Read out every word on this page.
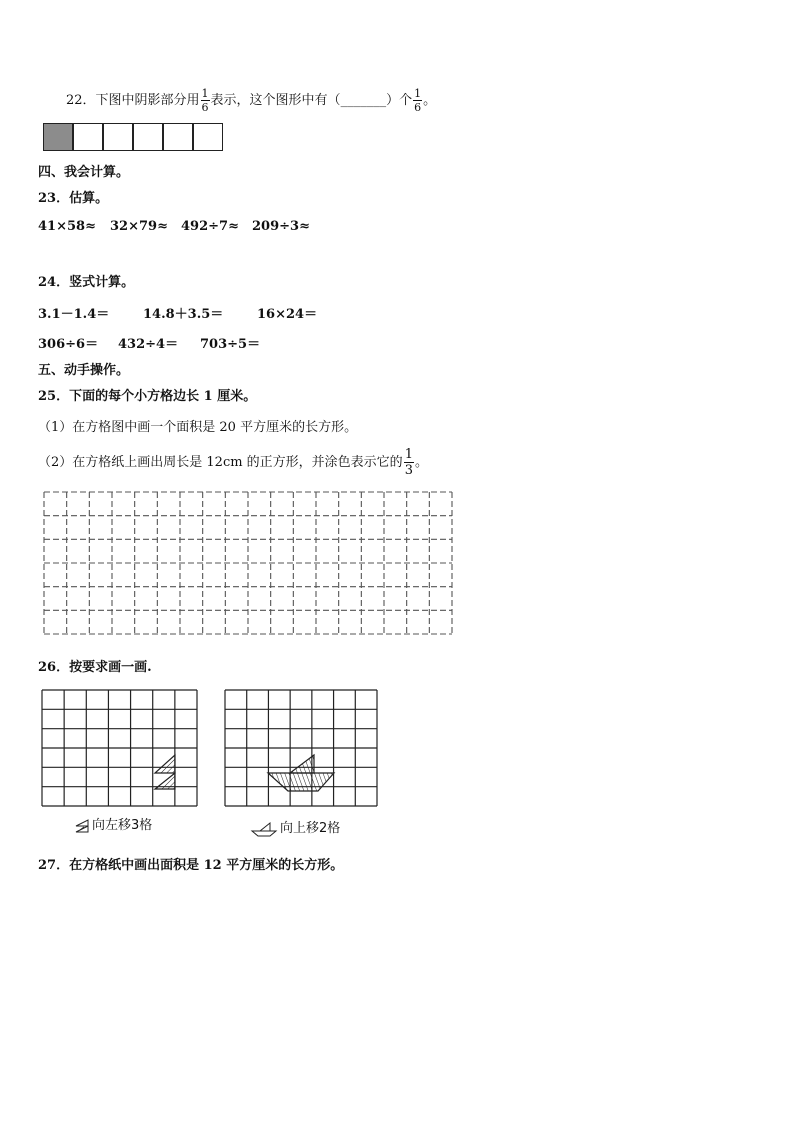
22．下图中阴影部分用 $\frac{1}{6}$ 表示，这个图形中有（_______）个 $\frac{1}{6}$ 。
四、我会计算。
23．估算。
41×58≈ 32×79≈ 492÷7≈ 209÷3≈
24．竖式计算。
3.1－1.4＝	14.8＋3.5＝	16×24＝
306÷6＝ 432÷4＝ 703÷5＝
五、动手操作。
25．下面的每个小方格边长 1 厘米。
（1）在方格图中画一个面积是 20 平方厘米的长方形。
（2）在方格纸上画出周长是 12cm 的正方形，并涂色表示它的 $\frac{1}{3}$ 。
26．按要求画一画.
向左移3格	向上移2格
27．在方格纸中画出面积是 12 平方厘米的长方形。
